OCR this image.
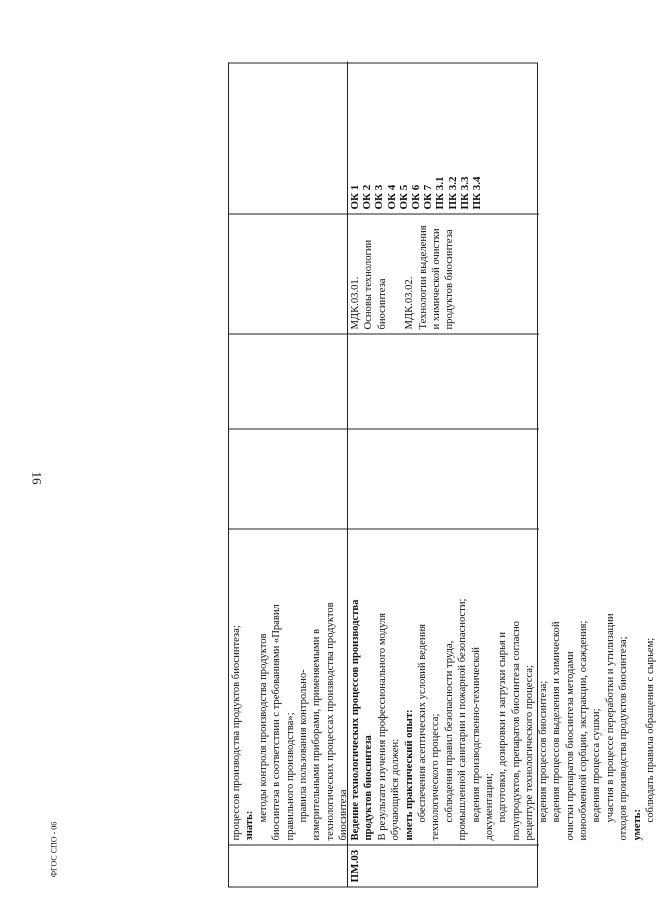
16
ФГОС СПО - 06
процессов производства продуктов биосинтеза; знать:
методы контроля производства продуктов биосинтеза в соответствии с требованиями «Правил правильного производства»; правила пользования контрольно- измерительными приборами, применяемыми в технологических процессах производства продуктов биосинтеза
ПМ.03
Ведение технологических процессов производства продуктов биосинтеза В результате изучения профессионального модуля обучающийся должен: иметь практический опыт: обеспечения асептических условий ведения технологического процесса; соблюдения правил безопасности труда, промышленной санитарии и пожарной безопасности; ведения производственно-технической документации; подготовки, дозировки и загрузки сырья и полупродуктов, препаратов биосинтеза согласно рецептуре технологического процесса; ведения процессов биосинтеза; ведения процессов выделения и химической очистки препаратов биосинтеза методами ионообменной сорбции, экстракции, осаждения; ведения процесса сушки; участия в процессе переработки и утилизации отходов производства продуктов биосинтеза; уметь:
соблюдать правила обращения с сырьем;
МДК.03.01. Основы технологии биосинтеза МДК.03.02. Технологии выделения и химической очистки продуктов биосинтеза
ОК 1 ОК 2 ОК 3 ОК 4 ОК 5 ОК 6 ОК 7 ПК 3.1 ПК 3.2 ПК 3.3 ПК 3.4
